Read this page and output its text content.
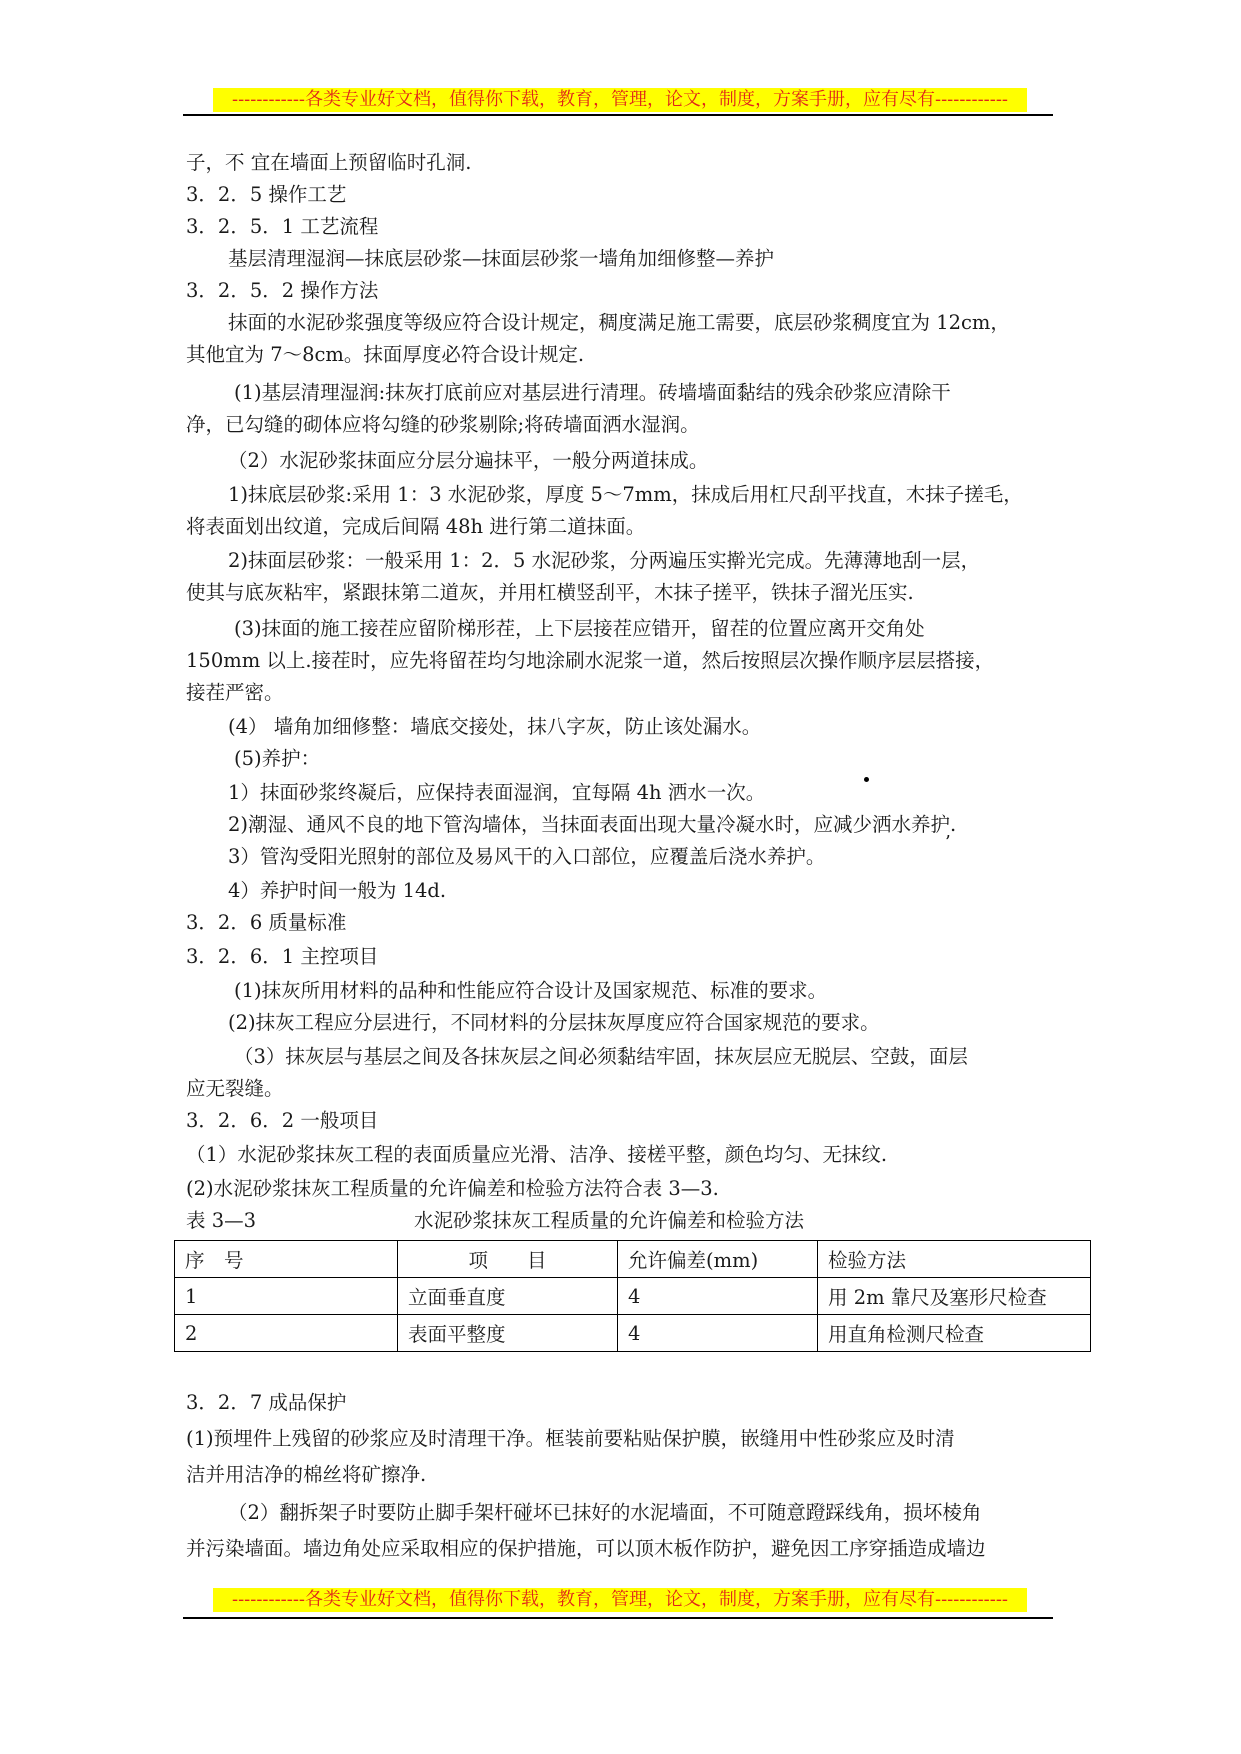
------------各类专业好文档，值得你下载，教育，管理，论文，制度，方案手册，应有尽有------------
子，不 宜在墙面上预留临时孔洞.
3．2．5 操作工艺
3．2．5．1 工艺流程
基层清理湿润—抹底层砂浆—抹面层砂浆一墙角加细修整—养护
3．2．5．2 操作方法
抹面的水泥砂浆强度等级应符合设计规定，稠度满足施工需要，底层砂浆稠度宜为 12cm，
其他宜为 7～8cm。抹面厚度必符合设计规定.
(1)基层清理湿润:抹灰打底前应对基层进行清理。砖墙墙面黏结的残余砂浆应清除干
净，已勾缝的砌体应将勾缝的砂浆剔除;将砖墙面洒水湿润。
（2）水泥砂浆抹面应分层分遍抹平，一般分两道抹成。
1)抹底层砂浆:采用 1：3 水泥砂浆，厚度 5～7mm，抹成后用杠尺刮平找直，木抹子搓毛，
将表面划出纹道，完成后间隔 48h 进行第二道抹面。
2)抹面层砂浆：一般采用 1：2．5 水泥砂浆，分两遍压实擀光完成。先薄薄地刮一层，
使其与底灰粘牢，紧跟抹第二道灰，并用杠横竖刮平，木抹子搓平，铁抹子溜光压实.
(3)抹面的施工接茬应留阶梯形茬，上下层接茬应错开，留茬的位置应离开交角处
150mm 以上.接茬时，应先将留茬均匀地涂刷水泥浆一道，然后按照层次操作顺序层层搭接，
接茬严密。
(4） 墙角加细修整：墙底交接处，抹八字灰，防止该处漏水。
(5)养护：
1）抹面砂浆终凝后，应保持表面湿润，宜每隔 4h 洒水一次。
2)潮湿、通风不良的地下管沟墙体，当抹面表面出现大量冷凝水时，应减少洒水养护.
3）管沟受阳光照射的部位及易风干的入口部位，应覆盖后浇水养护。
4）养护时间一般为 14d.
3．2．6 质量标准
3．2．6．1 主控项目
(1)抹灰所用材料的品种和性能应符合设计及国家规范、标准的要求。
(2)抹灰工程应分层进行，不同材料的分层抹灰厚度应符合国家规范的要求。
（3）抹灰层与基层之间及各抹灰层之间必须黏结牢固，抹灰层应无脱层、空鼓，面层
应无裂缝。
3．2．6．2 一般项目
（1）水泥砂浆抹灰工程的表面质量应光滑、洁净、接槎平整，颜色均匀、无抹纹.
(2)水泥砂浆抹灰工程质量的允许偏差和检验方法符合表 3—3.
表 3—3	水泥砂浆抹灰工程质量的允许偏差和检验方法
3．2．7 成品保护
(1)预埋件上残留的砂浆应及时清理干净。框装前要粘贴保护膜，嵌缝用中性砂浆应及时清
洁并用洁净的棉丝将矿擦净.
（2）翻拆架子时要防止脚手架杆碰坏已抹好的水泥墙面，不可随意蹬踩线角，损坏棱角
并污染墙面。墙边角处应采取相应的保护措施，可以顶木板作防护，避免因工序穿插造成墙边
序　号	项　　目	允许偏差(mm)	检验方法
1	立面垂直度	4	用 2m 靠尺及塞形尺检查
2	表面平整度	4	用直角检测尺检查
’
------------各类专业好文档，值得你下载，教育，管理，论文，制度，方案手册，应有尽有------------
